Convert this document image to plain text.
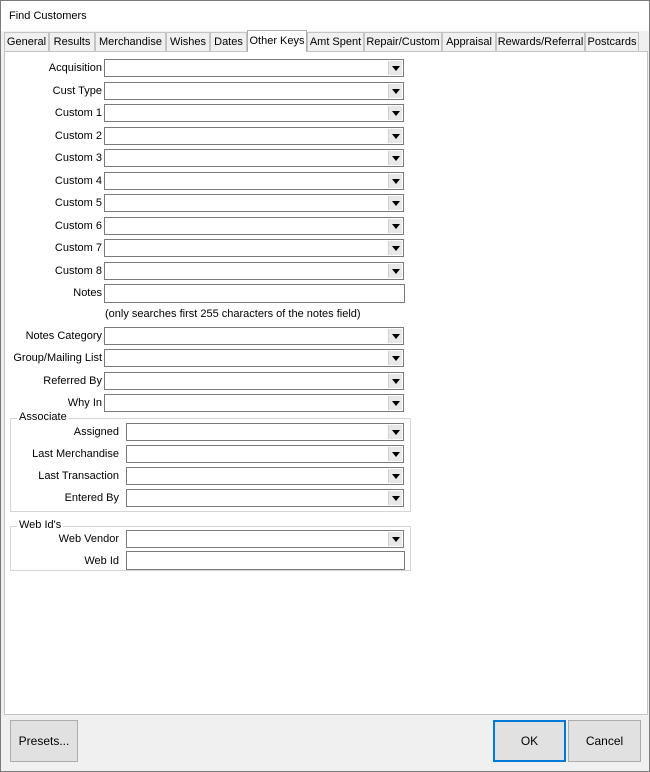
Find Customers
General Results Merchandise Wishes Dates Other Keys Amt Spent Repair/Custom Appraisal Rewards/Referral Postcards
Acquisition
Cust Type
Custom 1
Custom 2
Custom 3
Custom 4
Custom 5
Custom 6
Custom 7
Custom 8
Notes
(only searches first 255 characters of the notes field)
Notes Category
Group/Mailing List
Referred By
Why In
Associate
Assigned
Last Merchandise
Last Transaction
Entered By
Web Id's
Web Vendor
Web Id
Presets...	OK	Cancel
